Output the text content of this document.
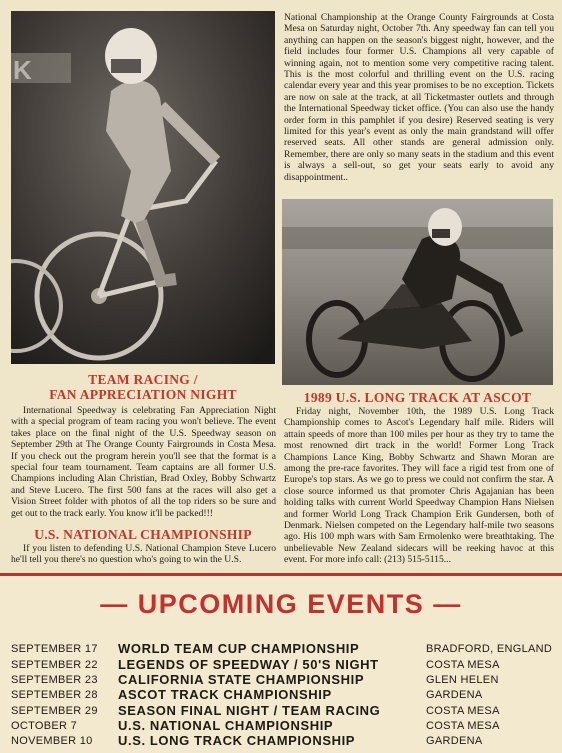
K

National Championship at the Orange County Fairgrounds at Costa Mesa on Saturday night, October 7th. Any speedway fan can tell you anything can happen on the season's biggest night, however, and the field includes four former U.S. Champions all very capable of winning again, not to mention some very competitive racing talent. This is the most colorful and thrilling event on the U.S. racing calendar every year and this year promises to be no exception. Tickets are now on sale at the track, at all Ticketmaster outlets and through the International Speedway ticket office. (You can also use the handy order form in this pamphlet if you desire) Reserved seating is very limited for this year's event as only the main grandstand will offer reserved seats. All other stands are general admission only. Remember, there are only so many seats in the stadium and this event is always a sell-out, so get your seats early to avoid any disappointment..

TEAM RACING /
FAN APPRECIATION NIGHT

International Speedway is celebrating Fan Appreciation Night with a special program of team racing you won't believe. The event takes place on the final night of the U.S. Speedway season on September 29th at The Orange County Fairgrounds in Costa Mesa. If you check out the program herein you'll see that the format is a special four team tournament. Team captains are all former U.S. Champions including Alan Christian, Brad Oxley, Bobby Schwartz and Steve Lucero. The first 500 fans at the races will also get a Vision Street folder with photos of all the top riders so be sure and get out to the track early. You know it'll be packed!!!

U.S. NATIONAL CHAMPIONSHIP

If you listen to defending U.S. National Champion Steve Lucero he'll tell you there's no question who's going to win the U.S.

1989 U.S. LONG TRACK AT ASCOT

Friday night, November 10th, the 1989 U.S. Long Track Championship comes to Ascot's Legendary half mile. Riders will attain speeds of more than 100 miles per hour as they try to tame the most renowned dirt track in the world! Former Long Track Champions Lance King, Bobby Schwartz and Shawn Moran are among the pre-race favorites. They will face a rigid test from one of Europe's top stars. As we go to press we could not confirm the star. A close source informed us that promoter Chris Agajanian has been holding talks with current World Speedway Champion Hans Nielsen and former World Long Track Champion Erik Gundersen, both of Denmark. Nielsen competed on the Legendary half-mile two seasons ago. His 100 mph wars with Sam Ermolenko were breathtaking. The unbelievable New Zealand sidecars will be reeking havoc at this event. For more info call: (213) 515-5115...

— UPCOMING EVENTS —
SEPTEMBER 17 WORLD TEAM CUP CHAMPIONSHIP	BRADFORD, ENGLAND
SEPTEMBER 22 LEGENDS OF SPEEDWAY / 50'S NIGHT	COSTA MESA
SEPTEMBER 23 CALIFORNIA STATE CHAMPIONSHIP	GLEN HELEN
SEPTEMBER 28 ASCOT TRACK CHAMPIONSHIP	GARDENA
SEPTEMBER 29 SEASON FINAL NIGHT / TEAM RACING	COSTA MESA
OCTOBER 7	U.S. NATIONAL CHAMPIONSHIP	COSTA MESA
NOVEMBER 10 U.S. LONG TRACK CHAMPIONSHIP	GARDENA
